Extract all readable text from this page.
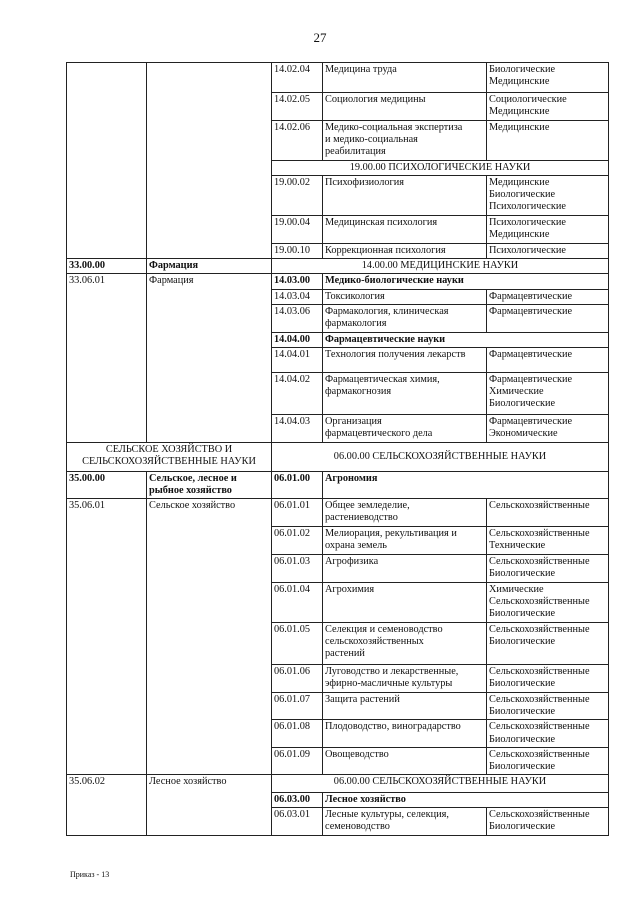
27
		14.02.04	Медицина труда	Биологические
Медицинские
		14.02.05	Социология медицины	Социологические
Медицинские
		14.02.06	Медико-социальная экспертиза
и медико-социальная
реабилитация	Медицинские
		19.00.00 ПСИХОЛОГИЧЕСКИЕ НАУКИ		
		19.00.02	Психофизиология	Медицинские
Биологические
Психологические
		19.00.04	Медицинская психология	Психологические
Медицинские
		19.00.10	Коррекционная психология	Психологические
33.00.00	Фармация	14.00.00 МЕДИЦИНСКИЕ НАУКИ		
33.06.01	Фармация	14.03.00	Медико-биологические науки	
		14.03.04	Токсикология	Фармацевтические
		14.03.06	Фармакология, клиническая
фармакология	Фармацевтические
		14.04.00	Фармацевтические науки	
		14.04.01	Технология получения лекарств	Фармацевтические
		14.04.02	Фармацевтическая химия,
фармакогнозия	Фармацевтические
Химические
Биологические
		14.04.03	Организация
фармацевтического дела	Фармацевтические
Экономические
СЕЛЬСКОЕ ХОЗЯЙСТВО И
СЕЛЬСКОХОЗЯЙСТВЕННЫЕ НАУКИ		06.00.00 СЕЛЬСКОХОЗЯЙСТВЕННЫЕ НАУКИ		
35.00.00	Сельское, лесное и
рыбное хозяйство	06.01.00	Агрономия	
35.06.01	Сельское хозяйство	06.01.01	Общее земледелие,
растениеводство	Сельскохозяйственные
		06.01.02	Мелиорация, рекультивация и
охрана земель	Сельскохозяйственные
Технические
		06.01.03	Агрофизика	Сельскохозяйственные
Биологические
		06.01.04	Агрохимия	Химические
Сельскохозяйственные
Биологические
		06.01.05	Селекция и семеноводство
сельскохозяйственных
растений	Сельскохозяйственные
Биологические
		06.01.06	Луговодство и лекарственные,
эфирно-масличные культуры	Сельскохозяйственные
Биологические
		06.01.07	Защита растений	Сельскохозяйственные
Биологические
		06.01.08	Плодоводство, виноградарство	Сельскохозяйственные
Биологические
		06.01.09	Овощеводство	Сельскохозяйственные
Биологические
35.06.02	Лесное хозяйство	06.00.00 СЕЛЬСКОХОЗЯЙСТВЕННЫЕ НАУКИ		
		06.03.00	Лесное хозяйство	
		06.03.01	Лесные культуры, селекция,
семеноводство	Сельскохозяйственные
Биологические
Приказ - 13
